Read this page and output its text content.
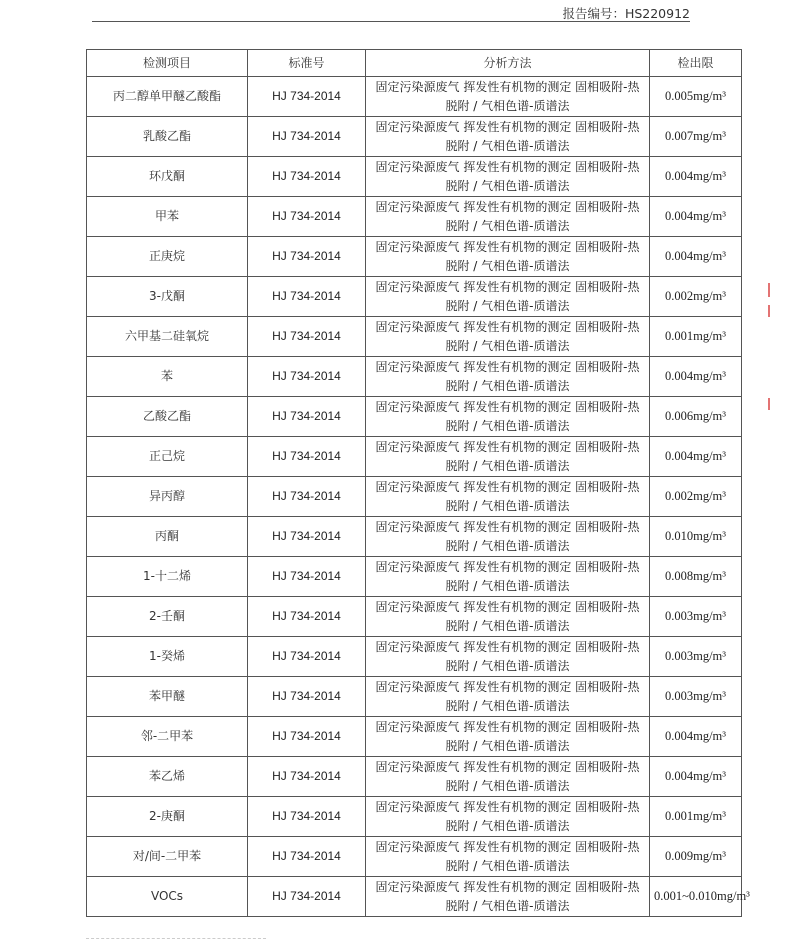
报告编号：HS220912
检测项目	标准号	分析方法	检出限
丙二醇单甲醚乙酸酯	HJ 734-2014	固定污染源废气 挥发性有机物的测定 固相吸附-热脱附 / 气相色谱-质谱法	0.005mg/m³
乳酸乙酯	HJ 734-2014	固定污染源废气 挥发性有机物的测定 固相吸附-热脱附 / 气相色谱-质谱法	0.007mg/m³
环戊酮	HJ 734-2014	固定污染源废气 挥发性有机物的测定 固相吸附-热脱附 / 气相色谱-质谱法	0.004mg/m³
甲苯	HJ 734-2014	固定污染源废气 挥发性有机物的测定 固相吸附-热脱附 / 气相色谱-质谱法	0.004mg/m³
正庚烷	HJ 734-2014	固定污染源废气 挥发性有机物的测定 固相吸附-热脱附 / 气相色谱-质谱法	0.004mg/m³
3-戊酮	HJ 734-2014	固定污染源废气 挥发性有机物的测定 固相吸附-热脱附 / 气相色谱-质谱法	0.002mg/m³
六甲基二硅氧烷	HJ 734-2014	固定污染源废气 挥发性有机物的测定 固相吸附-热脱附 / 气相色谱-质谱法	0.001mg/m³
苯	HJ 734-2014	固定污染源废气 挥发性有机物的测定 固相吸附-热脱附 / 气相色谱-质谱法	0.004mg/m³
乙酸乙酯	HJ 734-2014	固定污染源废气 挥发性有机物的测定 固相吸附-热脱附 / 气相色谱-质谱法	0.006mg/m³
正己烷	HJ 734-2014	固定污染源废气 挥发性有机物的测定 固相吸附-热脱附 / 气相色谱-质谱法	0.004mg/m³
异丙醇	HJ 734-2014	固定污染源废气 挥发性有机物的测定 固相吸附-热脱附 / 气相色谱-质谱法	0.002mg/m³
丙酮	HJ 734-2014	固定污染源废气 挥发性有机物的测定 固相吸附-热脱附 / 气相色谱-质谱法	0.010mg/m³
1-十二烯	HJ 734-2014	固定污染源废气 挥发性有机物的测定 固相吸附-热脱附 / 气相色谱-质谱法	0.008mg/m³
2-壬酮	HJ 734-2014	固定污染源废气 挥发性有机物的测定 固相吸附-热脱附 / 气相色谱-质谱法	0.003mg/m³
1-癸烯	HJ 734-2014	固定污染源废气 挥发性有机物的测定 固相吸附-热脱附 / 气相色谱-质谱法	0.003mg/m³
苯甲醚	HJ 734-2014	固定污染源废气 挥发性有机物的测定 固相吸附-热脱附 / 气相色谱-质谱法	0.003mg/m³
邻-二甲苯	HJ 734-2014	固定污染源废气 挥发性有机物的测定 固相吸附-热脱附 / 气相色谱-质谱法	0.004mg/m³
苯乙烯	HJ 734-2014	固定污染源废气 挥发性有机物的测定 固相吸附-热脱附 / 气相色谱-质谱法	0.004mg/m³
2-庚酮	HJ 734-2014	固定污染源废气 挥发性有机物的测定 固相吸附-热脱附 / 气相色谱-质谱法	0.001mg/m³
对/间-二甲苯	HJ 734-2014	固定污染源废气 挥发性有机物的测定 固相吸附-热脱附 / 气相色谱-质谱法	0.009mg/m³
VOCs	HJ 734-2014	固定污染源废气 挥发性有机物的测定 固相吸附-热脱附 / 气相色谱-质谱法	0.001~0.010mg/m³
